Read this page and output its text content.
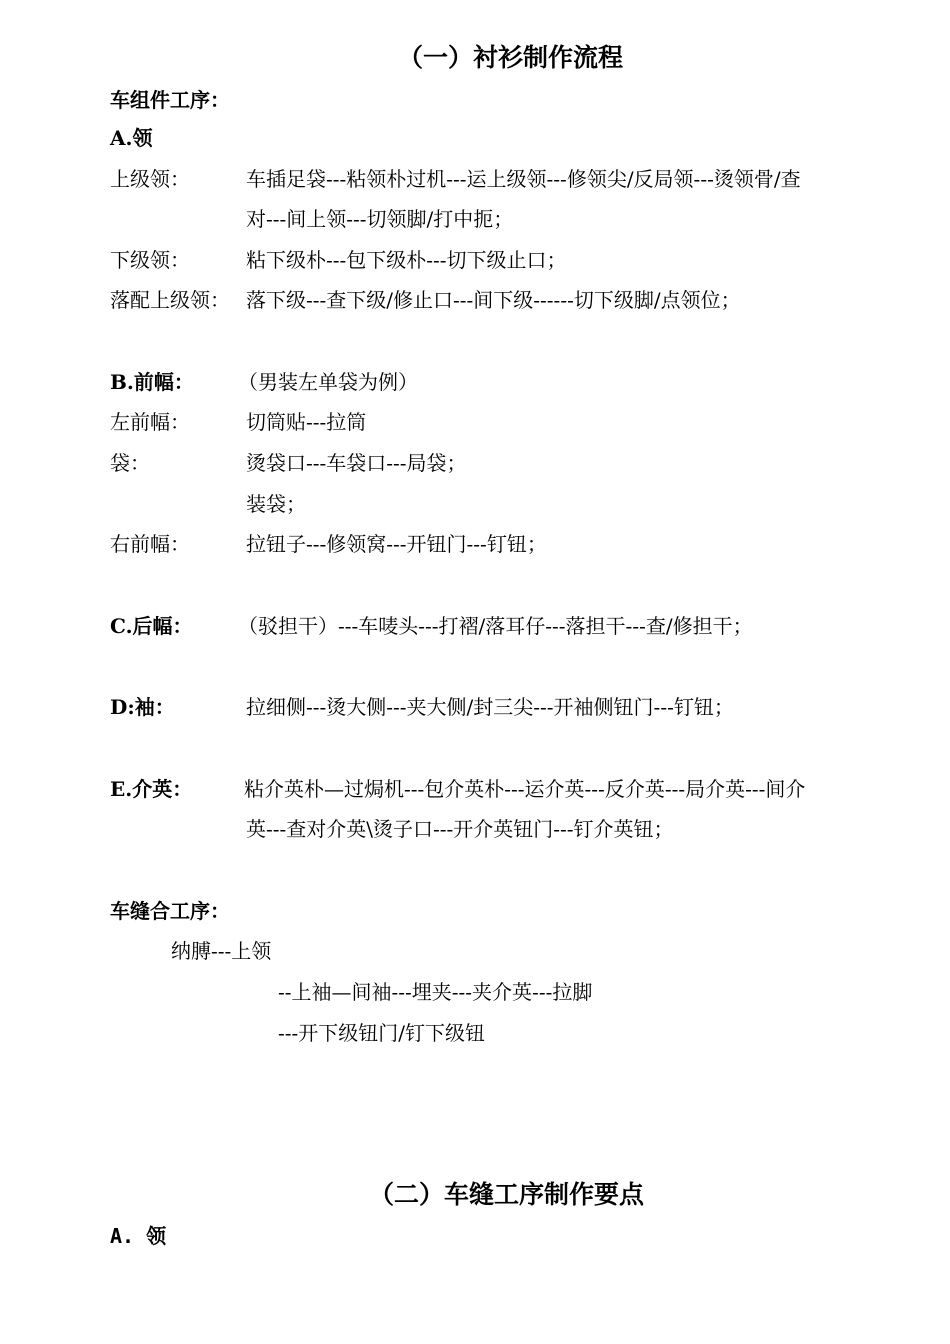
（一）衬衫制作流程
车组件工序：
A.领
上级领：	车插足袋---粘领朴过机---运上级领---修领尖/反局领---烫领骨/查
对---间上领---切领脚/打中扼；
下级领：	粘下级朴---包下级朴---切下级止口；
落配上级领： 落下级---查下级/修止口---间下级------切下级脚/点领位；
B.前幅： （男装左单袋为例）
左前幅：	切筒贴---拉筒
袋：	烫袋口---车袋口---局袋；
装袋；
右前幅：	拉钮子---修领窝---开钮门---钉钮；
C.后幅： （驳担干）---车唛头---打褶/落耳仔---落担干---查/修担干；
D:袖：	拉细侧---烫大侧---夹大侧/封三尖---开袖侧钮门---钉钮；
E.介英：	粘介英朴—过焗机---包介英朴---运介英---反介英---局介英---间介
英---查对介英\烫子口---开介英钮门---钉介英钮；
车缝合工序：
纳膊---上领
--上袖—间袖---埋夹---夹介英---拉脚
---开下级钮门/钉下级钮
（二）车缝工序制作要点
A. 领
